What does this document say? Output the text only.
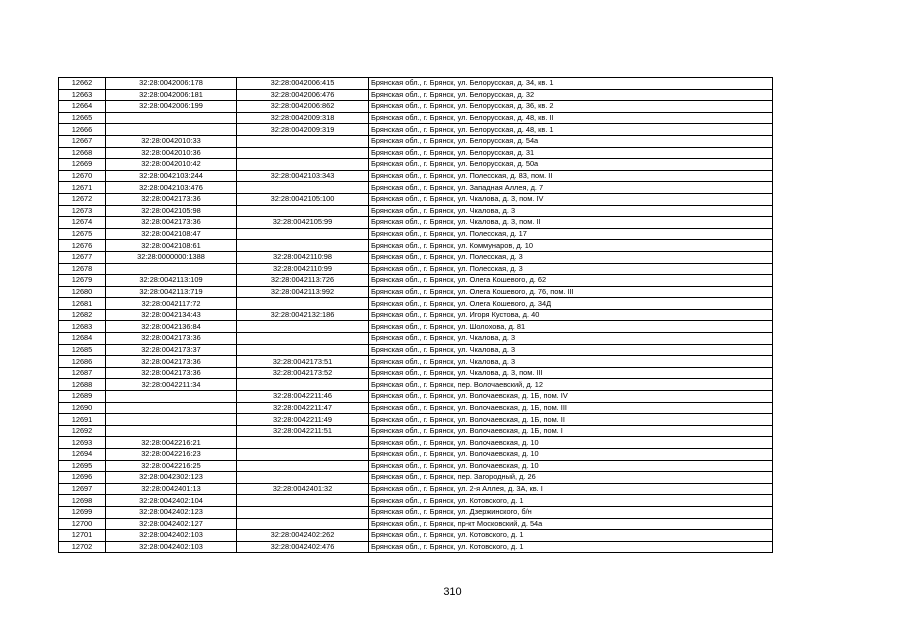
12662	32:28:0042006:178	32:28:0042006:415	Брянская обл., г. Брянск, ул. Белорусская, д. 34, кв. 1
12663	32:28:0042006:181	32:28:0042006:476	Брянская обл., г. Брянск, ул. Белорусская, д. 32
12664	32:28:0042006:199	32:28:0042006:862	Брянская обл., г. Брянск, ул. Белорусская, д. 36, кв. 2
12665		32:28:0042009:318	Брянская обл., г. Брянск, ул. Белорусская, д. 48, кв. II
12666		32:28:0042009:319	Брянская обл., г. Брянск, ул. Белорусская, д. 48, кв. 1
12667	32:28:0042010:33		Брянская обл., г. Брянск, ул. Белорусская, д. 54а
12668	32:28:0042010:36		Брянская обл., г. Брянск, ул. Белорусская, д. 31
12669	32:28:0042010:42		Брянская обл., г. Брянск, ул. Белорусская, д. 50а
12670	32:28:0042103:244	32:28:0042103:343	Брянская обл., г. Брянск, ул. Полесская, д. 83, пом. II
12671	32:28:0042103:476		Брянская обл., г. Брянск, ул. Западная Аллея, д. 7
12672	32:28:0042173:36	32:28:0042105:100	Брянская обл., г. Брянск, ул. Чкалова, д. 3, пом. IV
12673	32:28:0042105:98		Брянская обл., г. Брянск, ул. Чкалова, д. 3
12674	32:28:0042173:36	32:28:0042105:99	Брянская обл., г. Брянск, ул. Чкалова, д. 3, пом. II
12675	32:28:0042108:47		Брянская обл., г. Брянск, ул. Полесская, д. 17
12676	32:28:0042108:61		Брянская обл., г. Брянск, ул. Коммунаров, д. 10
12677	32:28:0000000:1388	32:28:0042110:98	Брянская обл., г. Брянск, ул. Полесская, д. 3
12678		32:28:0042110:99	Брянская обл., г. Брянск, ул. Полесская, д. 3
12679	32:28:0042113:109	32:28:0042113:726	Брянская обл., г. Брянск, ул. Олега Кошевого, д. 62
12680	32:28:0042113:719	32:28:0042113:992	Брянская обл., г. Брянск, ул. Олега Кошевого, д. 76, пом. III
12681	32:28:0042117:72		Брянская обл., г. Брянск, ул. Олега Кошевого, д. 34Д
12682	32:28:0042134:43	32:28:0042132:186	Брянская обл., г. Брянск, ул. Игоря Кустова, д. 40
12683	32:28:0042136:84		Брянская обл., г. Брянск, ул. Шолохова, д. 81
12684	32:28:0042173:36		Брянская обл., г. Брянск, ул. Чкалова, д. 3
12685	32:28:0042173:37		Брянская обл., г. Брянск, ул. Чкалова, д. 3
12686	32:28:0042173:36	32:28:0042173:51	Брянская обл., г. Брянск, ул. Чкалова, д. 3
12687	32:28:0042173:36	32:28:0042173:52	Брянская обл., г. Брянск, ул. Чкалова, д. 3, пом. III
12688	32:28:0042211:34		Брянская обл., г. Брянск, пер. Волочаевский, д. 12
12689		32:28:0042211:46	Брянская обл., г. Брянск, ул. Волочаевская, д. 1Б, пом. IV
12690		32:28:0042211:47	Брянская обл., г. Брянск, ул. Волочаевская, д. 1Б, пом. III
12691		32:28:0042211:49	Брянская обл., г. Брянск, ул. Волочаевская, д. 1Б, пом. II
12692		32:28:0042211:51	Брянская обл., г. Брянск, ул. Волочаевская, д. 1Б, пом. I
12693	32:28:0042216:21		Брянская обл., г. Брянск, ул. Волочаевская, д. 10
12694	32:28:0042216:23		Брянская обл., г. Брянск, ул. Волочаевская, д. 10
12695	32:28:0042216:25		Брянская обл., г. Брянск, ул. Волочаевская, д. 10
12696	32:28:0042302:123		Брянская обл., г. Брянск, пер. Загородный, д. 26
12697	32:28:0042401:13	32:28:0042401:32	Брянская обл., г. Брянск, ул. 2-я Аллея, д. 3А, кв. I
12698	32:28:0042402:104		Брянская обл., г. Брянск, ул. Котовского, д. 1
12699	32:28:0042402:123		Брянская обл., г. Брянск, ул. Дзержинского, б/н
12700	32:28:0042402:127		Брянская обл., г. Брянск, пр-кт Московский, д. 54а
12701	32:28:0042402:103	32:28:0042402:262	Брянская обл., г. Брянск, ул. Котовского, д. 1
12702	32:28:0042402:103	32:28:0042402:476	Брянская обл., г. Брянск, ул. Котовского, д. 1
310
